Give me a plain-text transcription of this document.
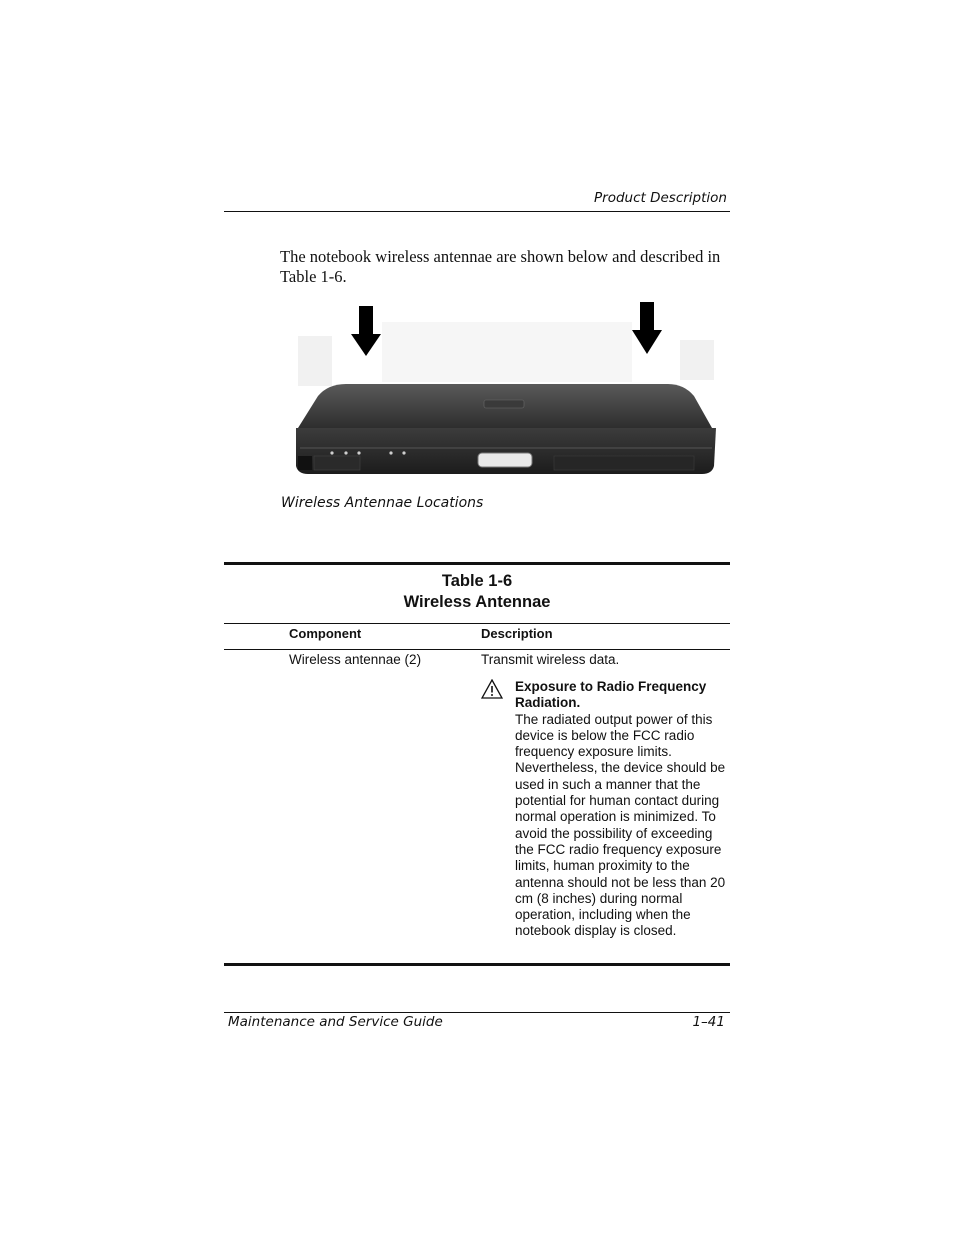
Product Description
The notebook wireless antennae are shown below and described in Table 1-6.
Wireless Antennae Locations
Table 1-6
Wireless Antennae
Component	Description
Wireless antennae (2)	Transmit wireless data.
Exposure to Radio Frequency Radiation.
The radiated output power of this device is below the FCC radio frequency exposure limits. Nevertheless, the device should be used in such a manner that the potential for human contact during normal operation is minimized. To avoid the possibility of exceeding the FCC radio frequency exposure limits, human proximity to the antenna should not be less than 20 cm (8 inches) during normal operation, including when the notebook display is closed.
Maintenance and Service Guide	1–41
